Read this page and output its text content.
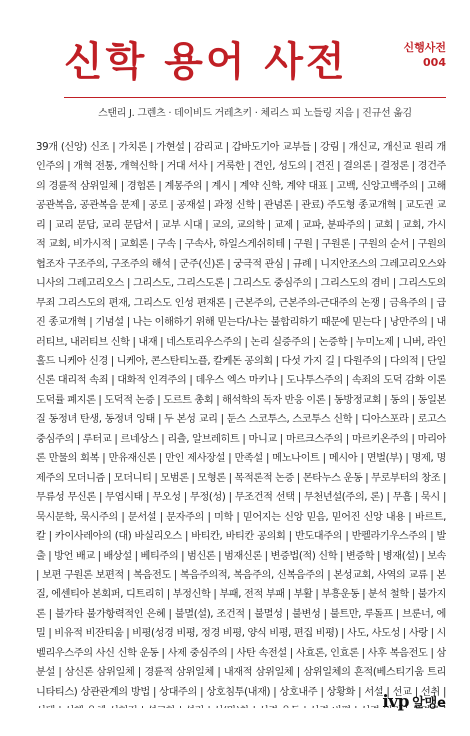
신학 용어 사전	신행사전
004
스탠리 J. 그렌츠 · 데이비드 거레츠키 · 체리스 피 노들링 지음 | 진규선 옮김
39개 (신앙) 신조 | 가치론 | 가현설 | 감리교 | 갑바도기아 교부들 | 강림 | 개신교, 개신교 원리 개인주의 | 개혁 전통, 개혁신학 | 거대 서사 | 거룩한 | 견인, 성도의 | 견진 | 결의론 | 결정론 | 경건주의 경륜적 삼위일체 | 경험론 | 계몽주의 | 계시 | 계약 신학, 계약 대표 | 고백, 신앙고백주의 | 고해 공관복음, 공관복음 문제 | 공로 | 공재설 | 과정 신학 | 관념론 | 관료) 주도형 종교개혁 | 교도권 교리 | 교리 문답, 교리 문답서 | 교부 시대 | 교의, 교의학 | 교제 | 교파, 분파주의 | 교회 | 교회, 가시적 교회, 비가시적 | 교회론 | 구속 | 구속사, 하일스게쉬히테 | 구원 | 구원론 | 구원의 순서 | 구원의 협조자 구조주의, 구조주의 해석 | 군주(신)론 | 궁극적 관심 | 규례 | 니지안조스의 그레고리오스와 니사의 그레고리오스 | 그리스도, 그리스도론 | 그리스도 중심주의 | 그리스도의 겸비 | 그리스도의 무죄 그리스도의 편재, 그리스도 인성 편재론 | 근본주의, 근본주의-근대주의 논쟁 | 금욕주의 | 급진 종교개혁 | 기념설 | 나는 이해하기 위해 믿는다/나는 불합리하기 때문에 믿는다 | 낭만주의 | 내러티브, 내러티브 신학 | 내재 | 네스토리우스주의 | 논리 실증주의 | 논증학 | 누미노제 | 니버, 라인홀드 니케아 신경 | 니케아, 콘스탄티노플, 칼케돈 공의회 | 다섯 가지 길 | 다원주의 | 다의적 | 단일신론 대리적 속죄 | 대화적 인격주의 | 데우스 엑스 마키나 | 도나투스주의 | 속죄의 도덕 감화 이론 도덕률 폐지론 | 도덕적 논증 | 도르트 총회 | 해석학의 독자 반응 이론 | 동방정교회 | 동의 | 동일본질 동정녀 탄생, 동정녀 잉태 | 두 본성 교리 | 둔스 스코투스, 스코투스 신학 | 디아스포라 | 로고스 중심주의 | 루터교 | 르네상스 | 리츨, 알브레히트 | 마니교 | 마르크스주의 | 마르키온주의 | 마리아론 만물의 회복 | 만유재신론 | 만인 제사장설 | 만족설 | 메노나이트 | 메시아 | 면벌(부) | 명제, 명제주의 모더니즘 | 모더니티 | 모범론 | 모형론 | 목적론적 논증 | 몬타누스 운동 | 무로부터의 창조 | 무류성 무신론 | 무엽시태 | 무오성 | 무정(성) | 무조건적 선택 | 무천년설(주의, 론) | 무흠 | 묵시 | 묵시문학, 묵시주의 | 문서설 | 문자주의 | 미학 | 믿어지는 신앙 믿음, 믿어진 신앙 내용 | 바르트, 칼 | 카이사레아의 (대) 바실리오스 | 바티칸, 바티칸 공의회 | 반도대주의 | 반펠라기우스주의 | 발출 | 방언 배교 | 배상설 | 베티주의 | 범신론 | 범재신론 | 변증법(적) 신학 | 변증학 | 병재(설) | 보속 | 보편 구원론 보편적 | 복음전도 | 복음주의적, 복음주의, 신복음주의 | 본성교회, 사역의 교류 | 본질, 에센티아 본회퍼, 디트리히 | 부정신학 | 부패, 전적 부패 | 부활 | 부흥운동 | 분석 철학 | 불가지론 | 불가타 불가항력적인 은혜 | 불멸(설), 조건적 | 불멸성 | 불변성 | 불트만, 루돌프 | 브룬너, 에밀 | 비유적 비잔티움 | 비평(성경 비평, 정경 비평, 양식 비평, 편집 비평) | 사도, 사도성 | 사랑 | 시벨리우스주의 사신 신학 운동 | 사제 중심주의 | 사탄 속전설 | 사효론, 인효론 | 사후 복음전도 | 삼분설 | 삼신론 삼위일체 | 경륜적 삼위일체 | 내재적 삼위일체 | 삼위일체의 흔적(베스티기움 트리니타티스) 상관관계의 방법 | 상대주의 | 상호침투(내재) | 상호내주 | 상황화 | 서설 | 선교 | 선취 |
ivp 알맹e
